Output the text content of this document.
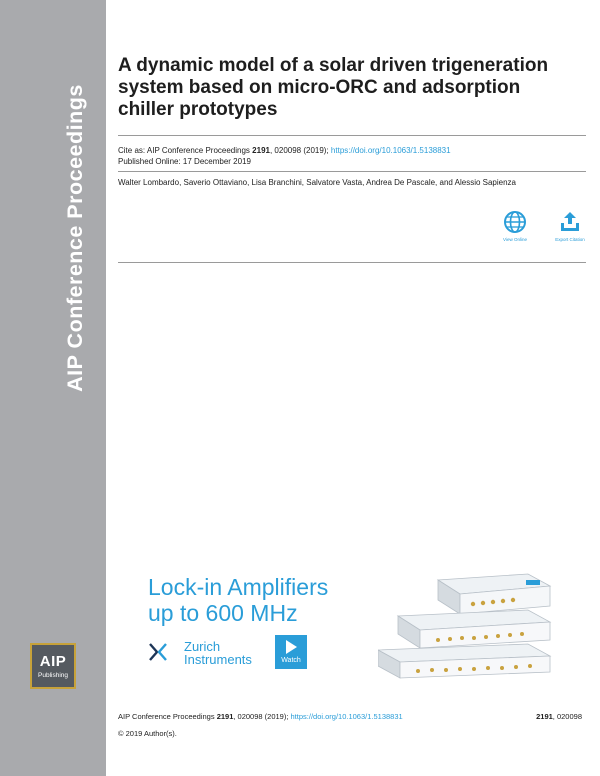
AIP Conference Proceedings
AIP
Publishing
A dynamic model of a solar driven trigeneration system based on micro-ORC and adsorption chiller prototypes
Cite as: AIP Conference Proceedings 2191, 020098 (2019); https://doi.org/10.1063/1.5138831
Published Online: 17 December 2019
Walter Lombardo, Saverio Ottaviano, Lisa Branchini, Salvatore Vasta, Andrea De Pascale, and Alessio Sapienza
View Online	Export Citation
Lock-in Amplifiers
up to 600 MHz
Zurich
Instruments	Watch
AIP Conference Proceedings 2191, 020098 (2019); https://doi.org/10.1063/1.5138831	2191, 020098
© 2019 Author(s).
